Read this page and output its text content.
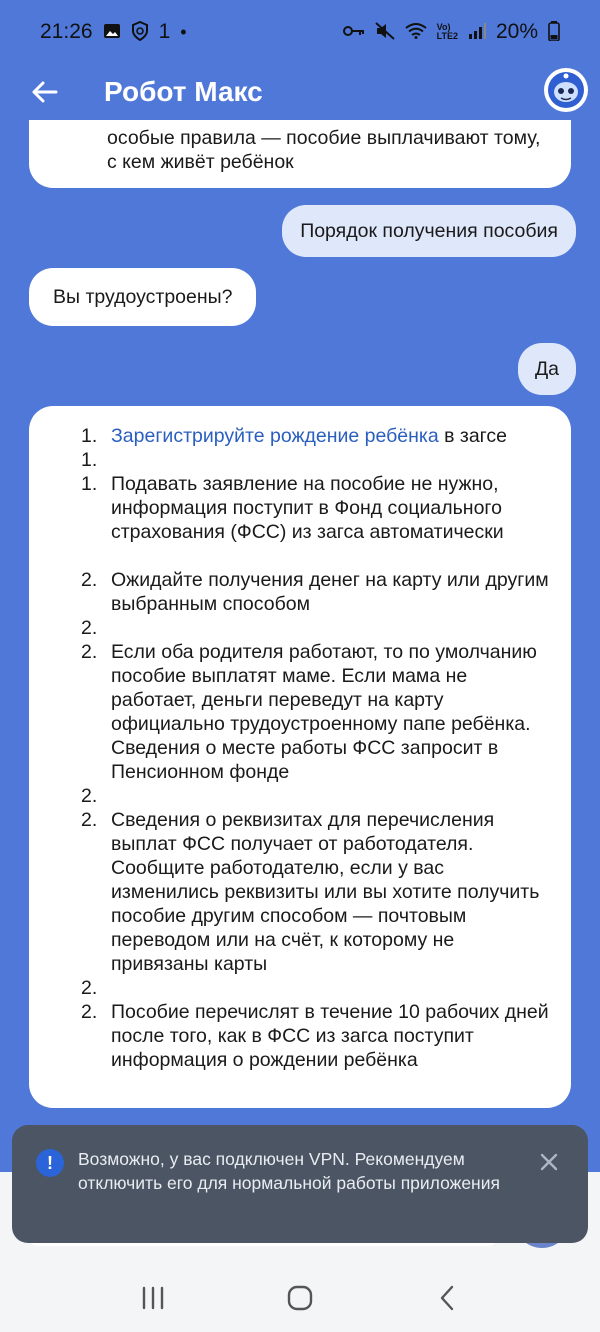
21:26	1 •	Vo)
LTE2 20%
Робот Макс

особые правила — пособие выплачивают тому, с кем живёт ребёнок

Порядок получения пособия
Вы трудоустроены?
Да
1. Зарегистрируйте рождение ребёнка в загсе
1.
1. Подавать заявление на пособие не нужно, информация поступит в Фонд социального страхования (ФСС) из загса автоматически
2. Ожидайте получения денег на карту или другим выбранным способом
2.
2. Если оба родителя работают, то по умолчанию пособие выплатят маме. Если мама не работает, деньги переведут на карту официально трудоустроенному папе ребёнка. Сведения о месте работы ФСС запросит в Пенсионном фонде
2.
2. Сведения о реквизитах для перечисления выплат ФСС получает от работодателя. Сообщите работодателю, если у вас изменились реквизиты или вы хотите получить пособие другим способом — почтовым переводом или на счёт, к которому не привязаны карты
2.
2. Пособие перечислят в течение 10 рабочих дней после того, как в ФСС из загса поступит информация о рождении ребёнка
!	Возможно, у вас подключен VPN. Рекомендуем отключить его для нормальной работы приложения
